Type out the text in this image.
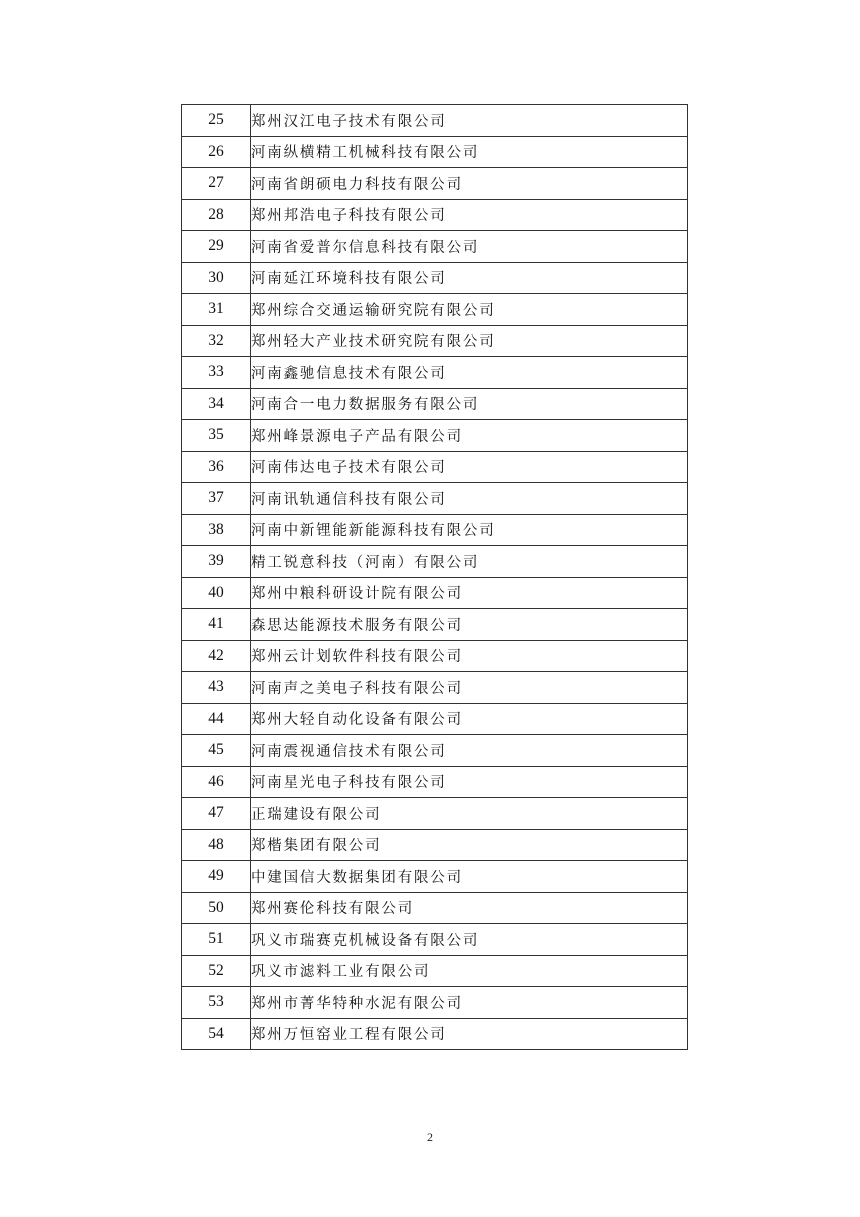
25	郑州汉江电子技术有限公司
26	河南纵横精工机械科技有限公司
27	河南省朗硕电力科技有限公司
28	郑州邦浩电子科技有限公司
29	河南省爱普尔信息科技有限公司
30	河南延江环境科技有限公司
31	郑州综合交通运输研究院有限公司
32	郑州轻大产业技术研究院有限公司
33	河南鑫驰信息技术有限公司
34	河南合一电力数据服务有限公司
35	郑州峰景源电子产品有限公司
36	河南伟达电子技术有限公司
37	河南讯轨通信科技有限公司
38	河南中新锂能新能源科技有限公司
39	精工锐意科技（河南）有限公司
40	郑州中粮科研设计院有限公司
41	森思达能源技术服务有限公司
42	郑州云计划软件科技有限公司
43	河南声之美电子科技有限公司
44	郑州大轻自动化设备有限公司
45	河南震视通信技术有限公司
46	河南星光电子科技有限公司
47	正瑞建设有限公司
48	郑楷集团有限公司
49	中建国信大数据集团有限公司
50	郑州赛伦科技有限公司
51	巩义市瑞赛克机械设备有限公司
52	巩义市滤料工业有限公司
53	郑州市菁华特种水泥有限公司
54	郑州万恒窑业工程有限公司
2
